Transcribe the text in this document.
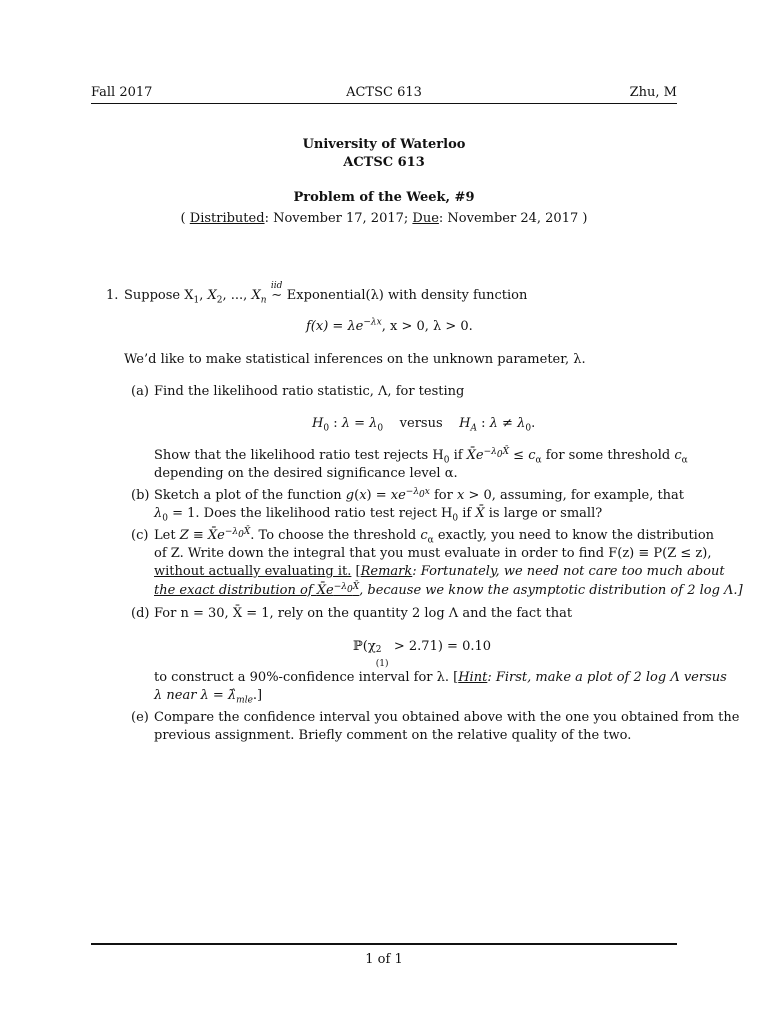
Fall 2017	ACTSC 613	Zhu, M
University of Waterloo
ACTSC 613
Problem of the Week, #9
( Distributed: November 17, 2017; Due: November 24, 2017 )
1. Suppose $X_1$, $X_2$, ..., $X_n$
iid
∼ Exponential(λ) with density function
$f(x) = \lambda e^{-\lambda x}$, x > 0, λ > 0.
We’d like to make statistical inferences on the unknown parameter, λ.
(a) Find the likelihood ratio statistic, Λ, for testing
$H_0$ : $\lambda = \lambda_0$ versus $H_A$ : $\lambda \ne \lambda_0$.
Show that the likelihood ratio test rejects $H_0$ if $X̄e^{-\lambda_0X̄} \le c_\alpha$ for some threshold $c_\alpha$
depending on the desired significance level α.
(b) Sketch a plot of the function $g(x) = xe^{-\lambda_0x}$ for x > 0, assuming, for example, that
$\lambda_0 = 1$. Does the likelihood ratio test reject $H_0$ if X̄ is large or small?
(c) Let $Z \equiv X̄e^{-\lambda_0X̄}$. To choose the threshold $c_\alpha$ exactly, you need to know the distribution
of Z. Write down the integral that you must evaluate in order to find F(z) ≡ P(Z ≤ z),
without actually evaluating it. [Remark: Fortunately, we need not care too much about
the exact distribution of $X̄e^{-\lambda_0X̄}$, because we know the asymptotic distribution of 2 log Λ.]
(d) For n = 30, X̄ = 1, rely on the quantity 2 log Λ and the fact that
ℙ(χ 2
(1)
> 2.71) = 0.10
to construct a 90%-confidence interval for λ. [Hint: First, make a plot of 2 log Λ versus
λ near $\lambda = \lambdâ_{mle}$.]
(e) Compare the confidence interval you obtained above with the one you obtained from the
previous assignment. Briefly comment on the relative quality of the two.
1 of 1
